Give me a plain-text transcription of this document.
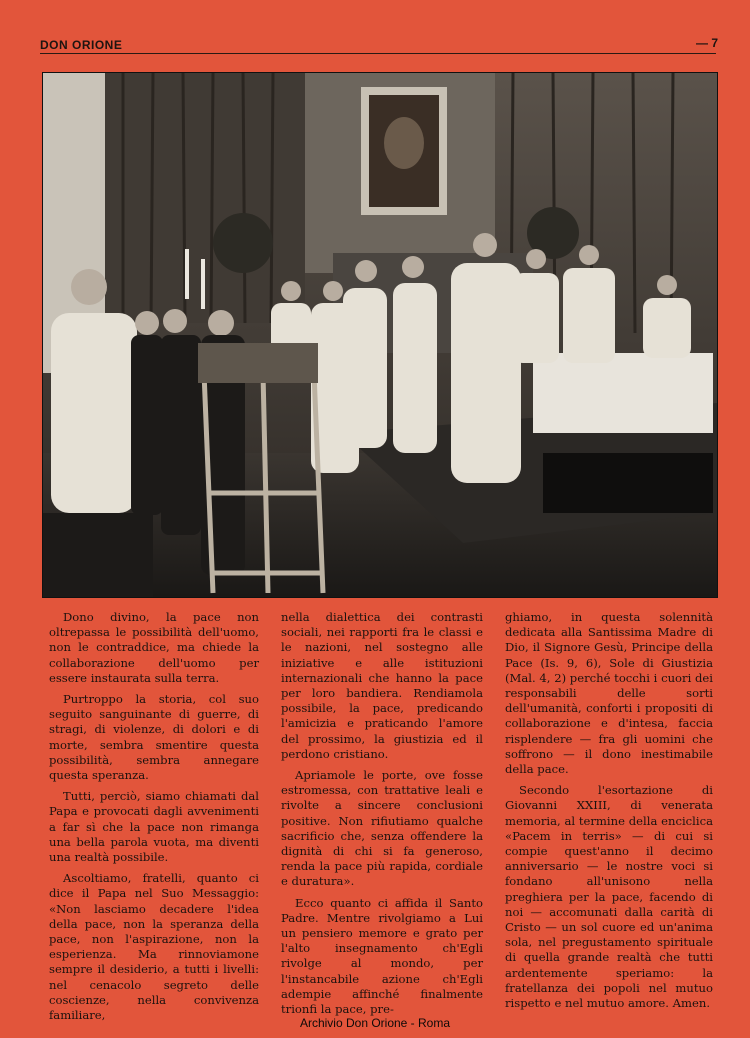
DON ORIONE	— 7

Dono divino, la pace non oltrepassa le possibilità dell'uomo, non le contraddice, ma chiede la collaborazione dell'uomo per essere instaurata sulla terra.

Purtroppo la storia, col suo seguito sanguinante di guerre, di stragi, di violenze, di dolori e di morte, sembra smentire questa possibilità, sembra annegare questa speranza.

Tutti, perciò, siamo chiamati dal Papa e provocati dagli avvenimenti a far sì che la pace non rimanga una bella parola vuota, ma diventi una realtà possibile.

Ascoltiamo, fratelli, quanto ci dice il Papa nel Suo Messaggio: «Non lasciamo decadere l'idea della pace, non la speranza della pace, non l'aspirazione, non la esperienza. Ma rinnoviamone sempre il desiderio, a tutti i livelli: nel cenacolo segreto delle coscienze, nella convivenza familiare,

nella dialettica dei contrasti sociali, nei rapporti fra le classi e le nazioni, nel sostegno alle iniziative e alle istituzioni internazionali che hanno la pace per loro bandiera. Rendiamola possibile, la pace, predicando l'amicizia e praticando l'amore del prossimo, la giustizia ed il perdono cristiano.

Apriamole le porte, ove fosse estromessa, con trattative leali e rivolte a sincere conclusioni positive. Non rifiutiamo qualche sacrificio che, senza offendere la dignità di chi si fa generoso, renda la pace più rapida, cordiale e duratura».

Ecco quanto ci affida il Santo Padre. Mentre rivolgiamo a Lui un pensiero memore e grato per l'alto insegnamento ch'Egli rivolge al mondo, per l'instancabile azione ch'Egli adempie affinché finalmente trionfi la pace, pre-

ghiamo, in questa solennità dedicata alla Santissima Madre di Dio, il Signore Gesù, Principe della Pace (Is. 9, 6), Sole di Giustizia (Mal. 4, 2) perché tocchi i cuori dei responsabili delle sorti dell'umanità, conforti i propositi di collaborazione e d'intesa, faccia risplendere — fra gli uomini che soffrono — il dono inestimabile della pace.

Secondo l'esortazione di Giovanni XXIII, di venerata memoria, al termine della enciclica «Pacem in terris» — di cui si compie quest'anno il decimo anniversario — le nostre voci si fondano all'unisono nella preghiera per la pace, facendo di noi — accomunati dalla carità di Cristo — un sol cuore ed un'anima sola, nel pregustamento spirituale di quella grande realtà che tutti ardentemente speriamo: la fratellanza dei popoli nel mutuo rispetto e nel mutuo amore. Amen.

Archivio Don Orione - Roma
